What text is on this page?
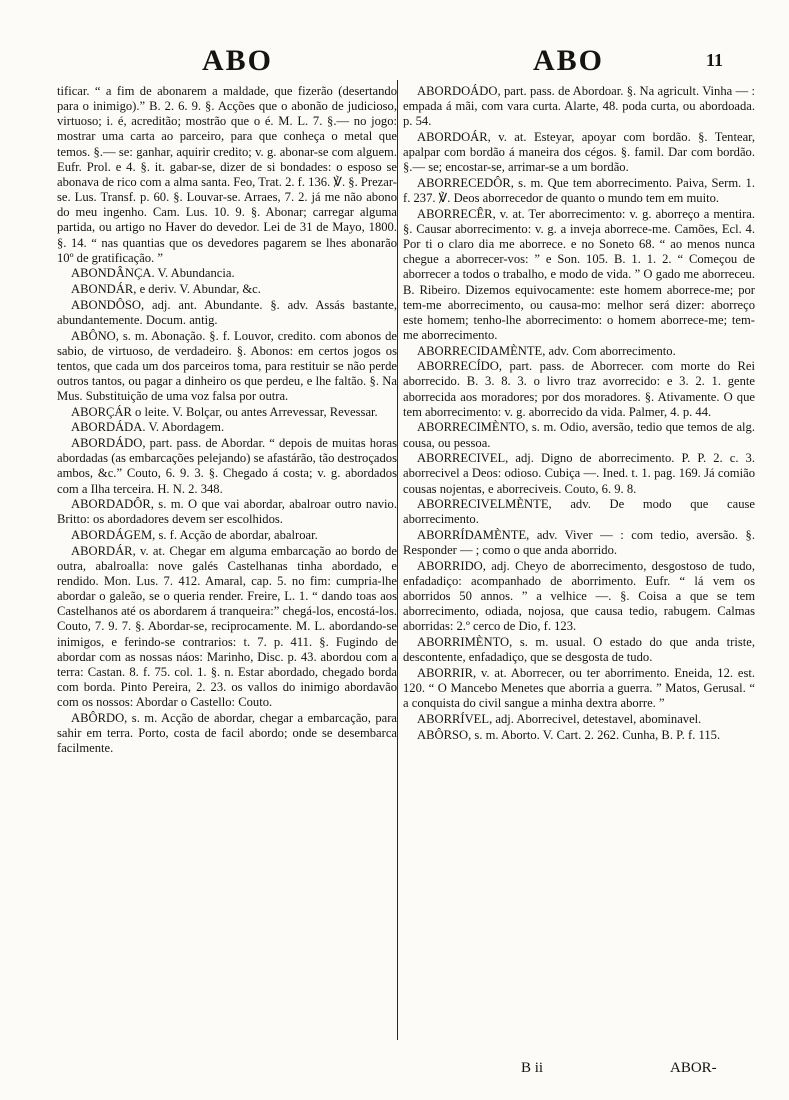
ABO	ABO	11

tificar. “ a fim de abonarem a maldade, que fizerão (desertando para o inimigo).” B. 2. 6. 9. §. Acções que o abonão de judicioso, virtuoso; i. é, acreditão; mostrão que o é. M. L. 7. §.— no jogo: mostrar uma carta ao parceiro, para que conheça o metal que temos. §.— se: ganhar, aquirir credito; v. g. abonar-se com alguem. Eufr. Prol. e 4. §. it. gabar-se, dizer de si bondades: o esposo se abonava de rico com a alma santa. Feo, Trat. 2. f. 136. ℣. §. Prezar-se. Lus. Transf. p. 60. §. Louvar-se. Arraes, 7. 2. já me não abono do meu ingenho. Cam. Lus. 10. 9. §. Abonar; carregar alguma partida, ou artigo no Haver do devedor. Lei de 31 de Mayo, 1800. §. 14. “ nas quantias que os devedores pagarem se lhes abonarão 10º de gratificação. ”

ABONDÂNÇA. V. Abundancia.

ABONDÁR, e deriv. V. Abundar, &c.

ABONDÔSO, adj. ant. Abundante. §. adv. Assás bastante, abundantemente. Docum. antig.

ABÔNO, s. m. Abonação. §. f. Louvor, credito. com abonos de sabio, de virtuoso, de verdadeiro. §. Abonos: em certos jogos os tentos, que cada um dos parceiros toma, para restituir se não perde outros tantos, ou pagar a dinheiro os que perdeu, e lhe faltão. §. Na Mus. Substituição de uma voz falsa por outra.

ABORÇÁR o leite. V. Bolçar, ou antes Arrevessar, Revessar.

ABORDÁDA. V. Abordagem.

ABORDÁDO, part. pass. de Abordar. “ depois de muitas horas abordadas (as embarcações pelejando) se afastárão, tão destroçados ambos, &c.” Couto, 6. 9. 3. §. Chegado á costa; v. g. abordados com a Ilha terceira. H. N. 2. 348.

ABORDADÔR, s. m. O que vai abordar, abalroar outro navio. Britto: os abordadores devem ser escolhidos.

ABORDÁGEM, s. f. Acção de abordar, abalroar.

ABORDÁR, v. at. Chegar em alguma embarcação ao bordo de outra, abalroalla: nove galés Castelhanas tinha abordado, e rendido. Mon. Lus. 7. 412. Amaral, cap. 5. no fim: cumpria-lhe abordar o galeão, se o queria render. Freire, L. 1. “ dando toas aos Castelhanos até os abordarem á tranqueira:” chegá-los, encostá-los. Couto, 7. 9. 7. §. Abordar-se, reciprocamente. M. L. abordando-se inimigos, e ferindo-se contrarios: t. 7. p. 411. §. Fugindo de abordar com as nossas náos: Marinho, Disc. p. 43. abordou com a terra: Castan. 8. f. 75. col. 1. §. n. Estar abordado, chegado borda com borda. Pinto Pereira, 2. 23. os vallos do inimigo abordavão com os nossos: Abordar o Castello: Couto.

ABÔRDO, s. m. Acção de abordar, chegar a embarcação, para sahir em terra. Porto, costa de facil abordo; onde se desembarca facilmente.

ABORDOÁDO, part. pass. de Abordoar. §. Na agricult. Vinha — : empada á mãi, com vara curta. Alarte, 48. poda curta, ou abordoada. p. 54.

ABORDOÁR, v. at. Esteyar, apoyar com bordão. §. Tentear, apalpar com bordão á maneira dos cégos. §. famil. Dar com bordão. §.— se; encostar-se, arrimar-se a um bordão.

ABORRECEDÔR, s. m. Que tem aborrecimento. Paiva, Serm. 1. f. 237. ℣. Deos aborrecedor de quanto o mundo tem em muito.

ABORRECÊR, v. at. Ter aborrecimento: v. g. aborreço a mentira. §. Causar aborrecimento: v. g. a inveja aborrece-me. Camões, Ecl. 4. Por ti o claro dia me aborrece. e no Soneto 68. “ ao menos nunca chegue a aborrecer-vos: ” e Son. 105. B. 1. 1. 2. “ Começou de aborrecer a todos o trabalho, e modo de vida. ” O gado me aborreceu. B. Ribeiro. Dizemos equivocamente: este homem aborrece-me; por tem-me aborrecimento, ou causa-mo: melhor será dizer: aborreço este homem; tenho-lhe aborrecimento: o homem aborrece-me; tem-me aborrecimento.

ABORRECIDAMÈNTE, adv. Com aborrecimento.

ABORRECÍDO, part. pass. de Aborrecer. com morte do Rei aborrecido. B. 3. 8. 3. o livro traz avorrecido: e 3. 2. 1. gente aborrecida aos moradores; por dos moradores. §. Ativamente. O que tem aborrecimento: v. g. aborrecido da vida. Palmer, 4. p. 44.

ABORRECIMÈNTO, s. m. Odio, aversão, tedio que temos de alg. cousa, ou pessoa.

ABORRECIVEL, adj. Digno de aborrecimento. P. P. 2. c. 3. aborrecivel a Deos: odioso. Cubiça —. Ined. t. 1. pag. 169. Já comião cousas nojentas, e aborreciveis. Couto, 6. 9. 8.

ABORRECIVELMÈNTE, adv. De modo que cause aborrecimento.

ABORRÍDAMÈNTE, adv. Viver — : com tedio, aversão. §. Responder — ; como o que anda aborrido.

ABORRIDO, adj. Cheyo de aborrecimento, desgostoso de tudo, enfadadiço: acompanhado de aborrimento. Eufr. “ lá vem os aborridos 50 annos. ” a velhice —. §. Coisa a que se tem aborrecimento, odiada, nojosa, que causa tedio, rabugem. Calmas aborridas: 2.º cerco de Dio, f. 123.

ABORRIMÈNTO, s. m. usual. O estado do que anda triste, descontente, enfadadiço, que se desgosta de tudo.

ABORRIR, v. at. Aborrecer, ou ter aborrimento. Eneida, 12. est. 120. “ O Mancebo Menetes que aborria a guerra. ” Matos, Gerusal. “ a conquista do civil sangue a minha dextra aborre. ”

ABORRÍVEL, adj. Aborrecivel, detestavel, abominavel.

ABÔRSO, s. m. Aborto. V. Cart. 2. 262. Cunha, B. P. f. 115.

B ii	ABOR-
